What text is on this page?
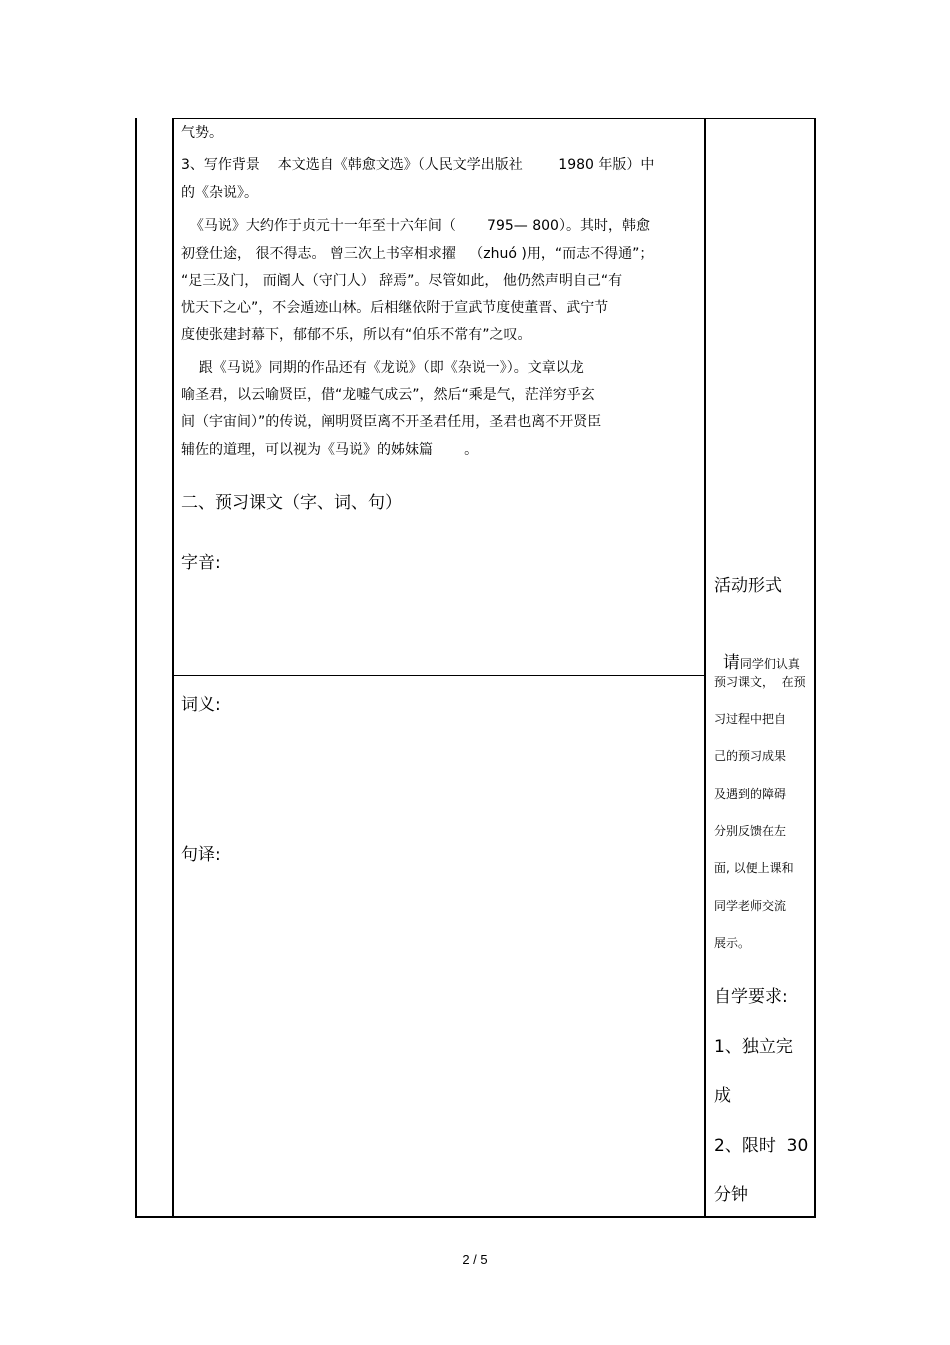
气势。
3、写作背景    本文选自《韩愈文选》（人民文学出版社        1980 年版）中
的《杂说》。
《马说》大约作于贞元十一年至十六年间（       795— 800）。其时，韩愈
初登仕途， 很不得志。 曾三次上书宰相求擢   （zhuó )用，“而志不得通”；
“足三及门， 而阍人（守门人） 辞焉”。尽管如此， 他仍然声明自己“有
忧天下之心”，不会遁迹山林。后相继依附于宣武节度使董晋、武宁节
度使张建封幕下，郁郁不乐，所以有“伯乐不常有”之叹。
跟《马说》同期的作品还有《龙说》（即《杂说一》）。文章以龙
喻圣君，以云喻贤臣，借“龙嘘气成云”，然后“乘是气，茫洋穷乎玄
间（宇宙间）”的传说，阐明贤臣离不开圣君任用，圣君也离不开贤臣
辅佐的道理，可以视为《马说》的姊妹篇       。
二、预习课文（字、词、句）
字音:
词义:
句译:
活动形式

请同学们认真

预习课文，  在预
习过程中把自
己的预习成果
及遇到的障碍
分别反馈在左
面, 以便上课和
同学老师交流
展示。
自学要求:
1、独立完
成
2、限时  30
分钟
2 / 5
